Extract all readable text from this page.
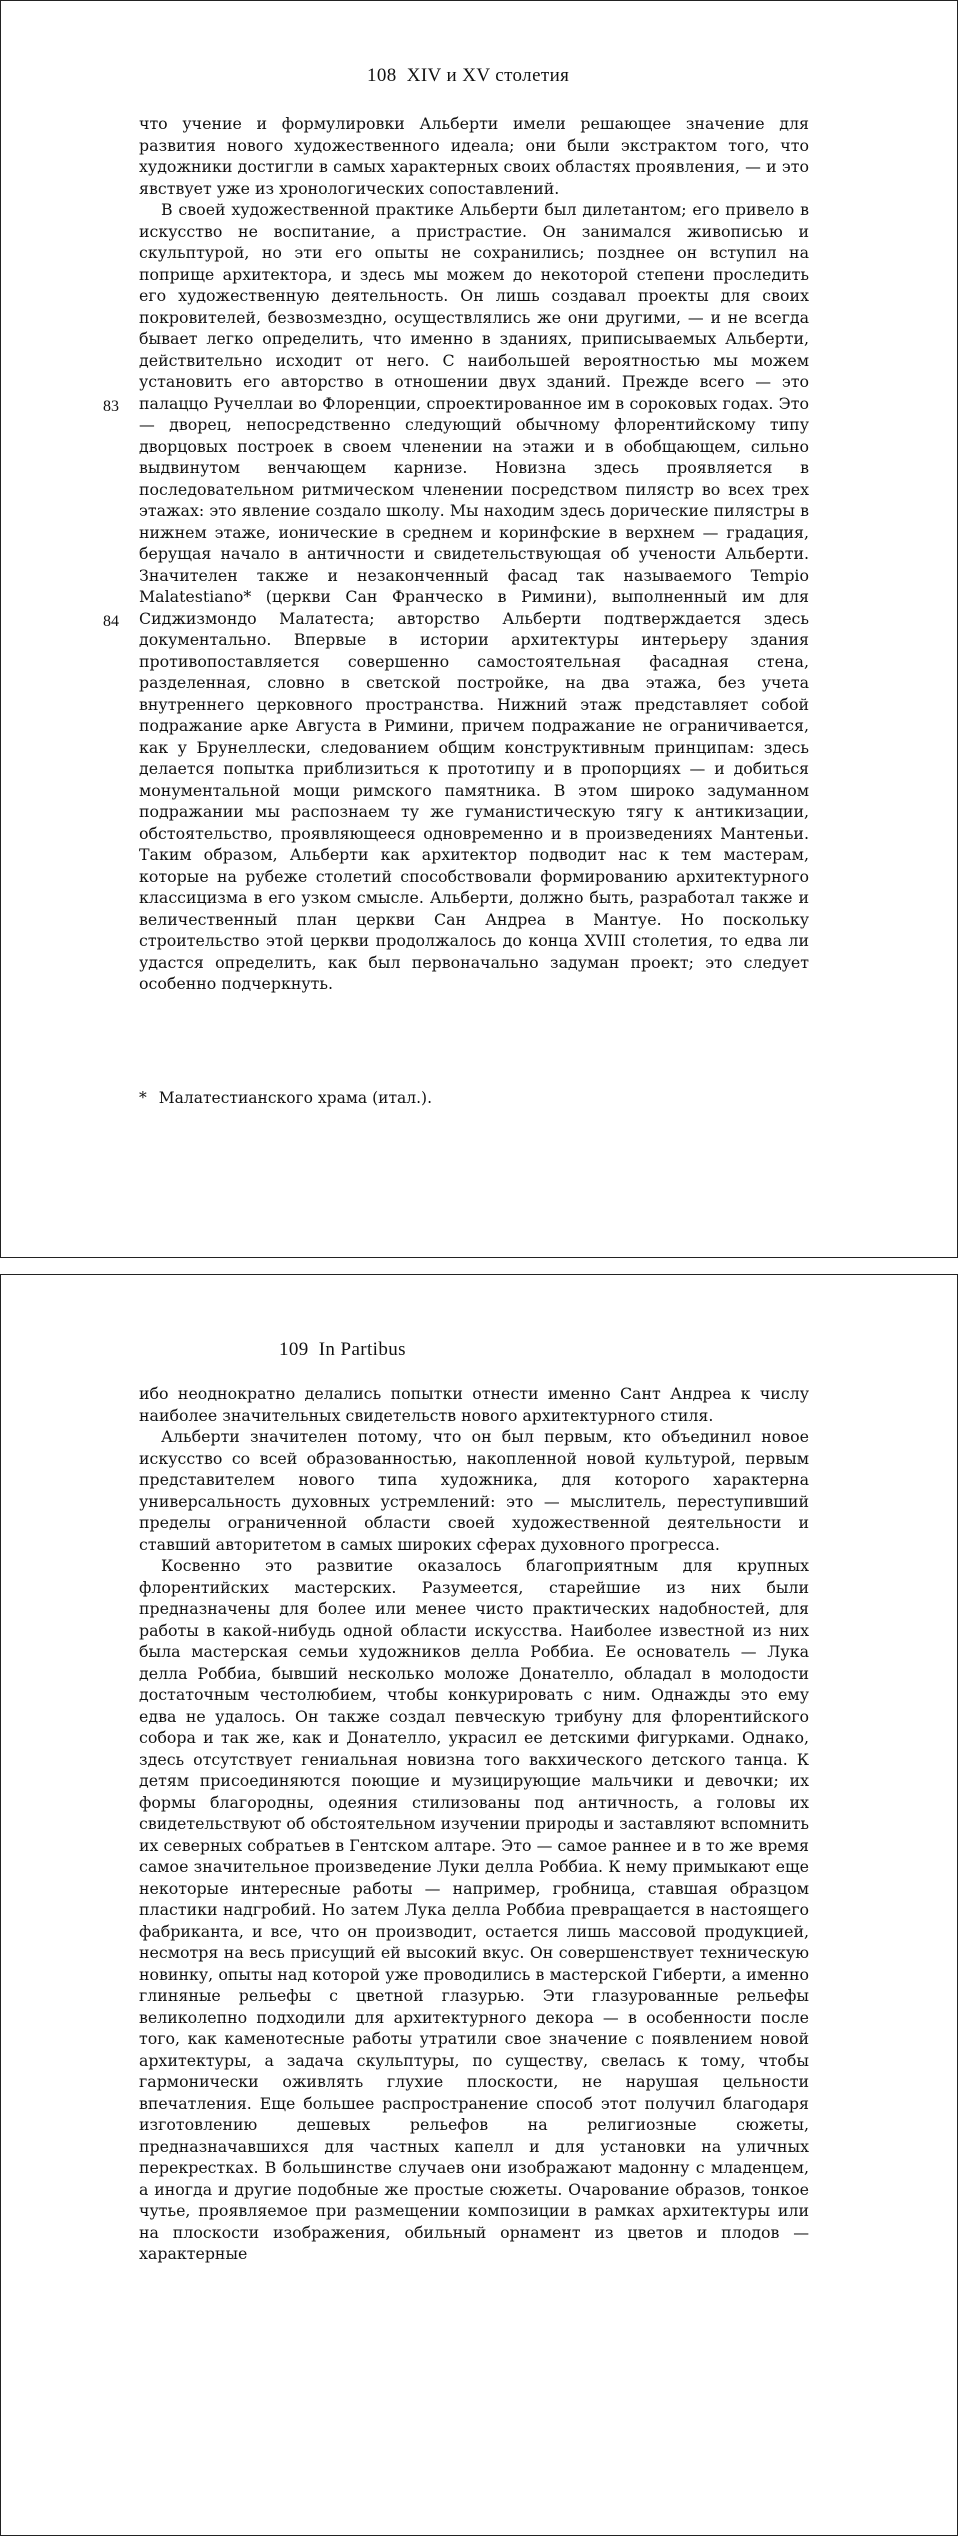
108 XIV и XV столетия
83
84

что учение и формулировки Альберти имели решающее значение для развития нового художественного идеала; они были экстрактом того, что художники достигли в самых характерных своих областях проявления, — и это явствует уже из хронологических сопоставлений.

В своей художественной практике Альберти был дилетантом; его привело в искусство не воспитание, а пристрастие. Он занимался живописью и скульптурой, но эти его опыты не сохранились; позднее он вступил на поприще архитектора, и здесь мы можем до некоторой степени проследить его художественную деятельность. Он лишь создавал проекты для своих покровителей, безвозмездно, осуществлялись же они другими, — и не всегда бывает легко определить, что именно в зданиях, приписываемых Альберти, действительно исходит от него. С наибольшей вероятностью мы можем установить его авторство в отношении двух зданий. Прежде всего — это палаццо Ручеллаи во Флоренции, спроектированное им в сороковых годах. Это — дворец, непосредственно следующий обычному флорентийскому типу дворцовых построек в своем членении на этажи и в обобщающем, сильно выдвинутом венчающем карнизе. Новизна здесь проявляется в последовательном ритмическом членении посредством пилястр во всех трех этажах: это явление создало школу. Мы находим здесь дорические пилястры в нижнем этаже, ионические в среднем и коринфские в верхнем — градация, берущая начало в античности и свидетельствующая об учености Альберти. Значителен также и незаконченный фасад так называемого Tempio Malatestiano* (церкви Сан Франческо в Римини), выполненный им для Сиджизмондо Малатеста; авторство Альберти подтверждается здесь документально. Впервые в истории архитектуры интерьеру здания противопоставляется совершенно самостоятельная фасадная стена, разделенная, словно в светской постройке, на два этажа, без учета внутреннего церковного пространства. Нижний этаж представляет собой подражание арке Августа в Римини, причем подражание не ограничивается, как у Брунеллески, следованием общим конструктивным принципам: здесь делается попытка приблизиться к прототипу и в пропорциях — и добиться монументальной мощи римского памятника. В этом широко задуманном подражании мы распознаем ту же гуманистическую тягу к антикизации, обстоятельство, проявляющееся одновременно и в произведениях Мантеньи. Таким образом, Альберти как архитектор подводит нас к тем мастерам, которые на рубеже столетий способствовали формированию архитектурного классицизма в его узком смысле. Альберти, должно быть, разработал также и величественный план церкви Сан Андреа в Мантуе. Но поскольку строительство этой церкви продолжалось до конца XVIII столетия, то едва ли удастся определить, как был первоначально задуман проект; это следует особенно подчеркнуть.

* Малатестианского храма (итал.).
109 In Partibus

ибо неоднократно делались попытки отнести именно Сант Андреа к числу наиболее значительных свидетельств нового архитектурного стиля.

Альберти значителен потому, что он был первым, кто объединил новое искусство со всей образованностью, накопленной новой культурой, первым представителем нового типа художника, для которого характерна универсальность духовных устремлений: это — мыслитель, переступивший пределы ограниченной области своей художественной деятельности и ставший авторитетом в самых широких сферах духовного прогресса.

Косвенно это развитие оказалось благоприятным для крупных флорентийских мастерских. Разумеется, старейшие из них были предназначены для более или менее чисто практических надобностей, для работы в какой-нибудь одной области искусства. Наиболее известной из них была мастерская семьи художников делла Роббиа. Ее основатель — Лука делла Роббиа, бывший несколько моложе Донателло, обладал в молодости достаточным честолюбием, чтобы конкурировать с ним. Однажды это ему едва не удалось. Он также создал певческую трибуну для флорентийского собора и так же, как и Донателло, украсил ее детскими фигурками. Однако, здесь отсутствует гениальная новизна того вакхического детского танца. К детям присоединяются поющие и музицирующие мальчики и девочки; их формы благородны, одеяния стилизованы под античность, а головы их свидетельствуют об обстоятельном изучении природы и заставляют вспомнить их северных собратьев в Гентском алтаре. Это — самое раннее и в то же время самое значительное произведение Луки делла Роббиа. К нему примыкают еще некоторые интересные работы — например, гробница, ставшая образцом пластики надгробий. Но затем Лука делла Роббиа превращается в настоящего фабриканта, и все, что он производит, остается лишь массовой продукцией, несмотря на весь присущий ей высокий вкус. Он совершенствует техническую новинку, опыты над которой уже проводились в мастерской Гиберти, а именно глиняные рельефы с цветной глазурью. Эти глазурованные рельефы великолепно подходили для архитектурного декора — в особенности после того, как каменотесные работы утратили свое значение с появлением новой архитектуры, а задача скульптуры, по существу, свелась к тому, чтобы гармонически оживлять глухие плоскости, не нарушая цельности впечатления. Еще большее распространение способ этот получил благодаря изготовлению дешевых рельефов на религиозные сюжеты, предназначавшихся для частных капелл и для установки на уличных перекрестках. В большинстве случаев они изображают мадонну с младенцем, а иногда и другие подобные же простые сюжеты. Очарование образов, тонкое чутье, проявляемое при размещении композиции в рамках архитектуры или на плоскости изображения, обильный орнамент из цветов и плодов — характерные
